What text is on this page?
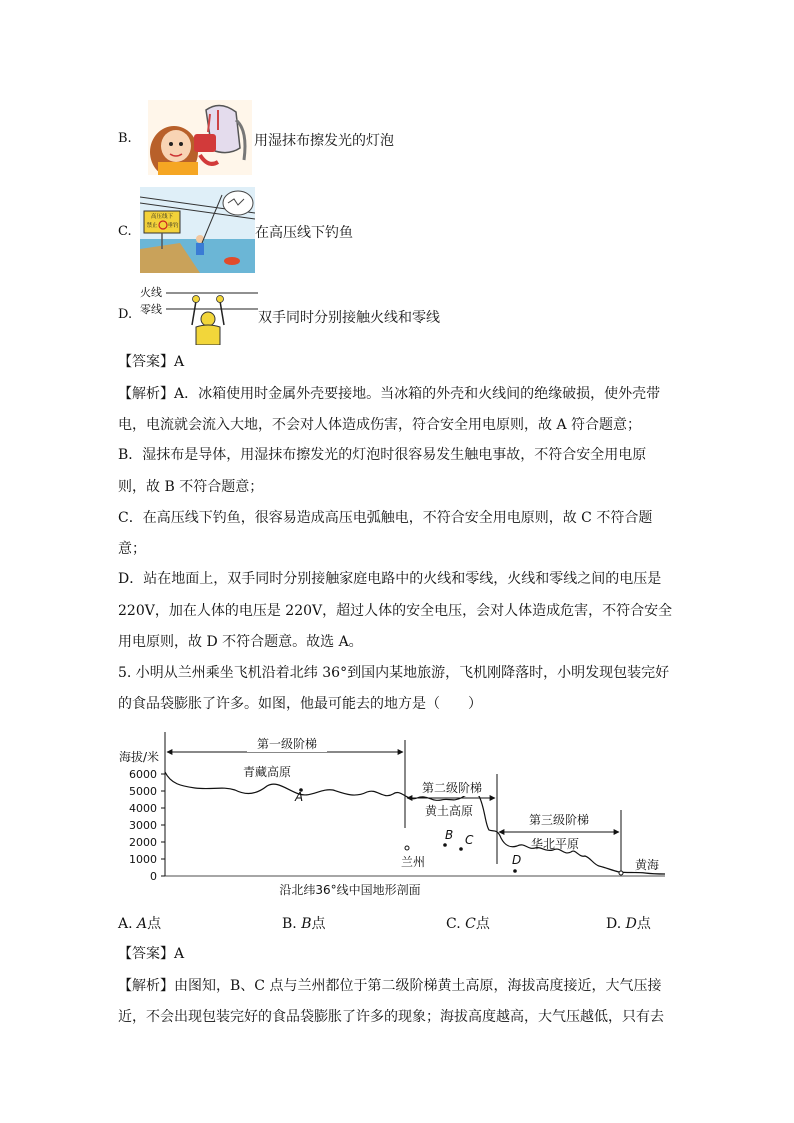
B.	用湿抹布擦发光的灯泡
C.
高压线下
禁止 垂钓	在高压线下钓鱼
D.
火线
零线
双手同时分别接触火线和零线
【答案】A
【解析】A．冰箱使用时金属外壳要接地。当冰箱的外壳和火线间的绝缘破损，使外壳带
电，电流就会流入大地，不会对人体造成伤害，符合安全用电原则，故 A 符合题意；
B．湿抹布是导体，用湿抹布擦发光的灯泡时很容易发生触电事故，不符合安全用电原
则，故 B 不符合题意；
C．在高压线下钓鱼，很容易造成高压电弧触电，不符合安全用电原则，故 C 不符合题
意；
D．站在地面上，双手同时分别接触家庭电路中的火线和零线，火线和零线之间的电压是
220V，加在人体的电压是 220V，超过人体的安全电压，会对人体造成危害，不符合安全
用电原则，故 D 不符合题意。故选 A。
5. 小明从兰州乘坐飞机沿着北纬 36°到国内某地旅游，飞机刚降落时，小明发现包装完好
的食品袋膨胀了许多。如图，他最可能去的地方是（　　）
海拔/米
6000
5000
4000
3000
2000
1000
0
第一级阶梯
第二级阶梯
第三级阶梯
青藏高原
黄土高原
华北平原
兰州	黄海
A
B C
D
沿北纬36°线中国地形剖面
A. A点	B. B点	C. C点	D. D点
【答案】A
【解析】由图知，B、C 点与兰州都位于第二级阶梯黄土高原，海拔高度接近，大气压接
近，不会出现包装完好的食品袋膨胀了许多的现象；海拔高度越高，大气压越低，只有去
